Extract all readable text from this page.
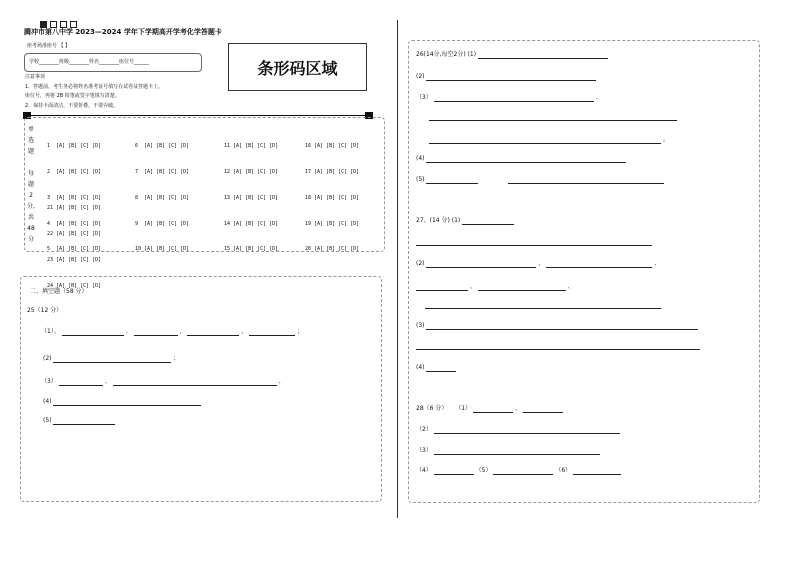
腾冲市第八中学 2023—2024 学年下学期高开学考化学答题卡
座考场准座号 【 】
学校________班级________姓名________座位号______
注意事项
1．答题前，考生务必将姓名准考证号填写在试卷及答题卡上。
座位号，再将 2B 铅笔或签字笔填写清楚。
2．保持卡面清洁，不要折叠，不要弄破。
条形码区域
单
选
题
每
题
2分,
共
48
分

1  [A] [B] [C] [D]

2  [A] [B] [C] [D]

3  [A] [B] [C] [D]

4  [A] [B] [C] [D]

5  [A] [B] [C] [D]

6  [A] [B] [C] [D]

7  [A] [B] [C] [D]

8  [A] [B] [C] [D]

9  [A] [B] [C] [D]

10 [A] [B] [C] [D]

11 [A] [B] [C] [D]

12 [A] [B] [C] [D]

13 [A] [B] [C] [D]

14 [A] [B] [C] [D]

15 [A] [B] [C] [D]

16 [A] [B] [C] [D]

17 [A] [B] [C] [D]

18 [A] [B] [C] [D]

19 [A] [B] [C] [D]

20 [A] [B] [C] [D]

21 [A] [B] [C] [D]

22 [A] [B] [C] [D]

23 [A] [B] [C] [D]

24 [A] [B] [C] [D]

二、填空题（58 分）
25（12 分）
（1）、	、	、	、	；
(2)	；
（3）	、	、
(4)
(5)
26(14分,每空2分) (1)
(2)
（3）	、
。
(4)
(5)
27、(14 分) (1)
(2)	、	、
、	、
(3)
(4)
28（6 分） （1）	、
（2）
（3）
（4）	（5）	（6）
